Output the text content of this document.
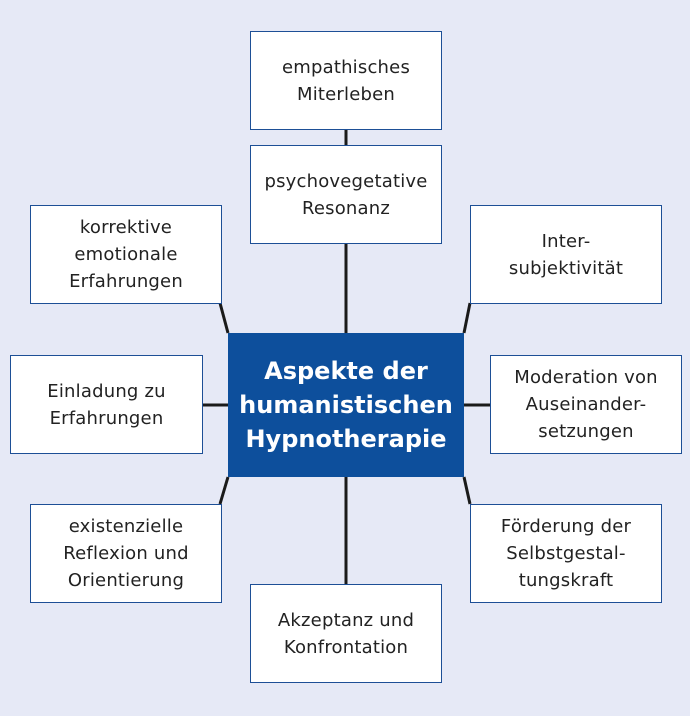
empathisches
Miterleben
psychovegetative
Resonanz
korrektive
emotionale
Erfahrungen
Inter-
subjektivität
Einladung zu
Erfahrungen
Aspekte der
humanistischen
Hypnotherapie
Moderation von
Auseinander-
setzungen
existenzielle
Reflexion und
Orientierung
Förderung der
Selbstgestal-
tungskraft
Akzeptanz und
Konfrontation
